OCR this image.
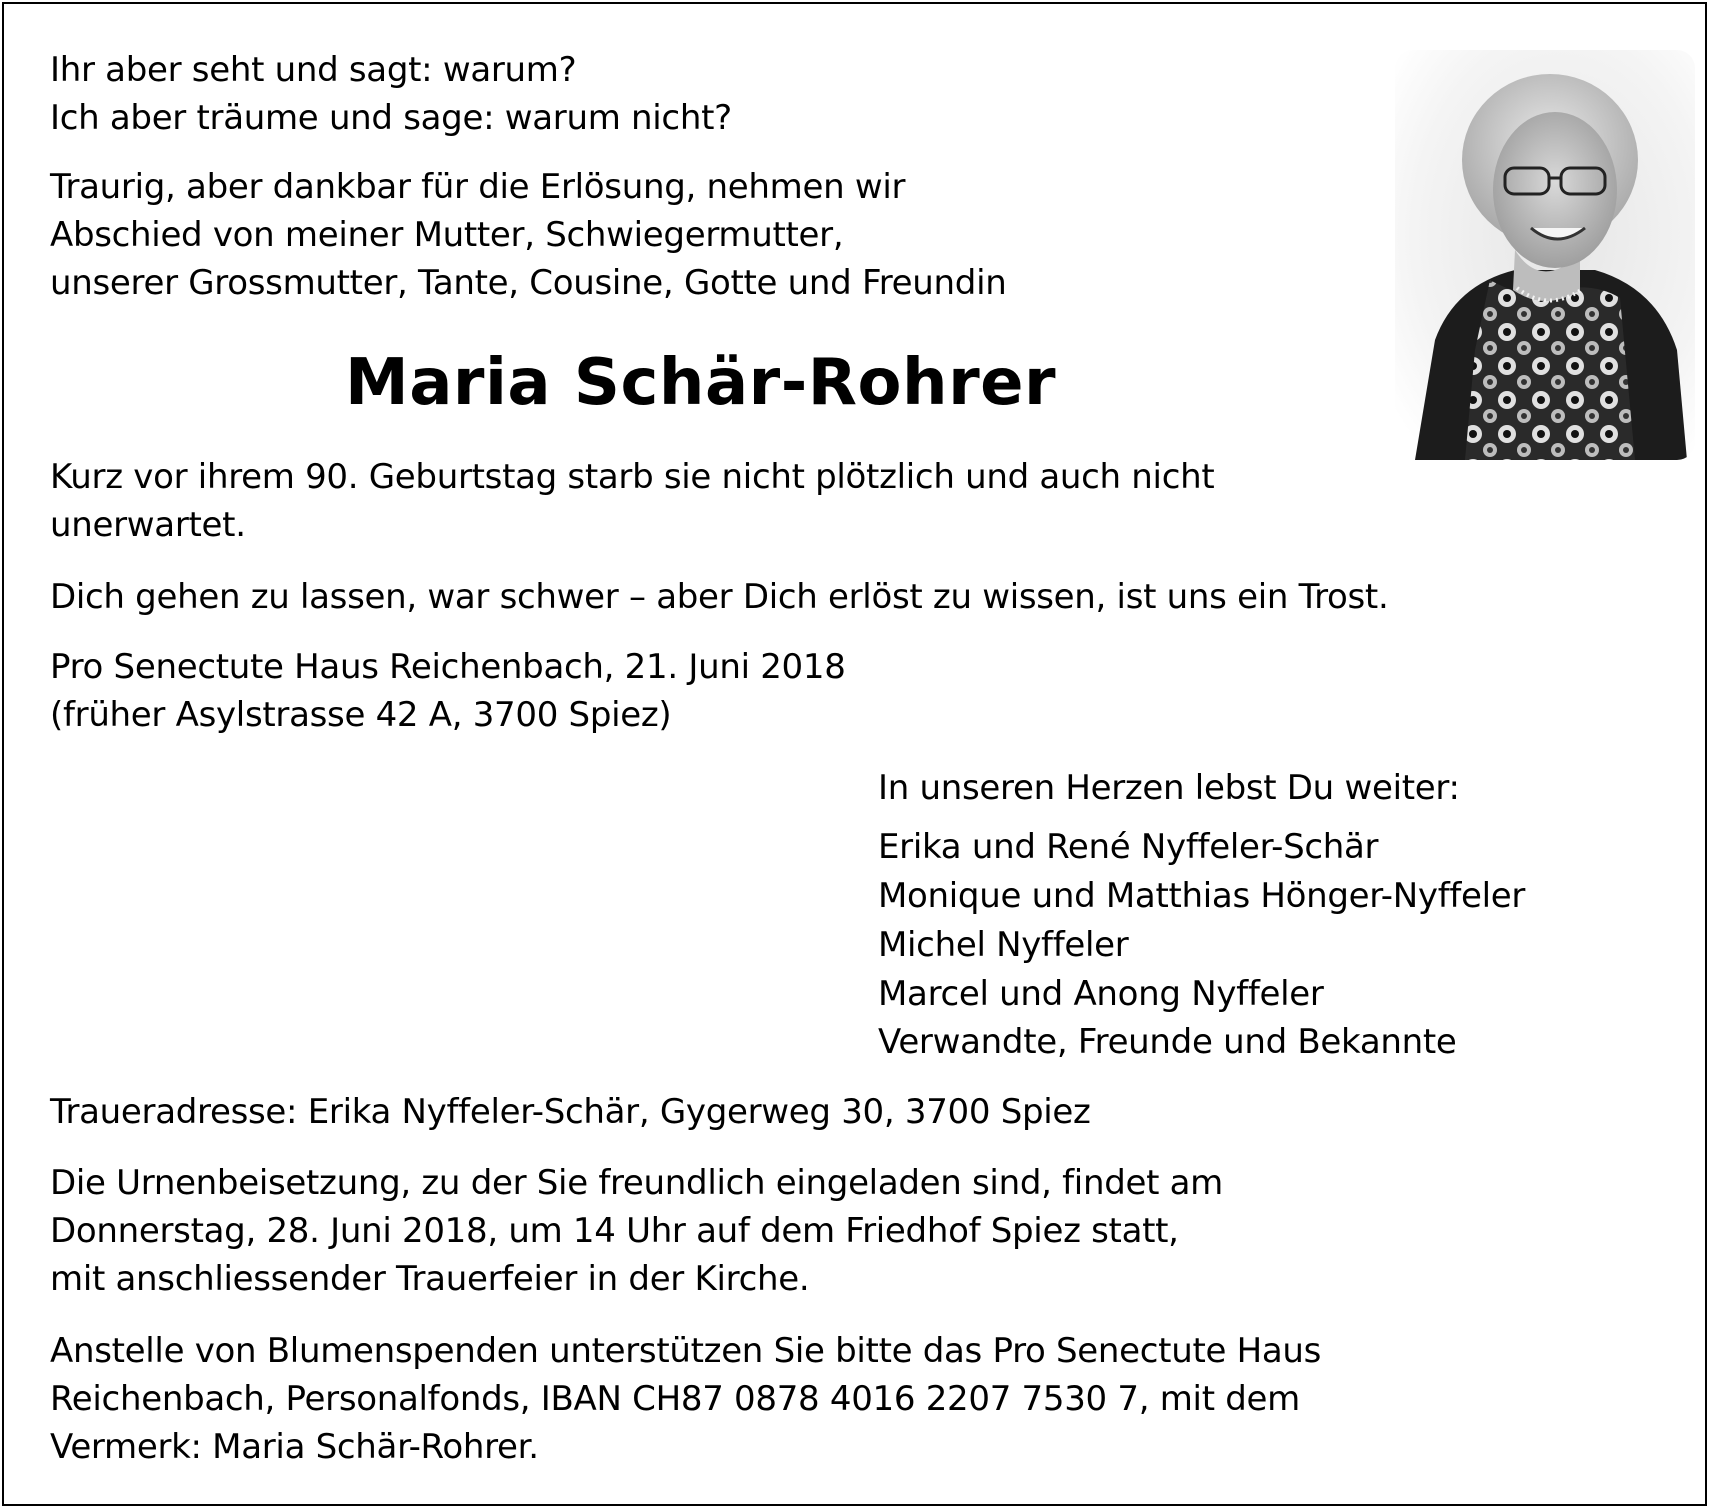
Ihr aber seht und sagt: warum?

Ich aber träume und sage: warum nicht?

Traurig, aber dankbar für die Erlösung, nehmen wir

Abschied von meiner Mutter, Schwiegermutter,

unserer Grossmutter, Tante, Cousine, Gotte und Freundin

Maria Schär-Rohrer

Kurz vor ihrem 90. Geburtstag starb sie nicht plötzlich und auch nicht

unerwartet.

Dich gehen zu lassen, war schwer – aber Dich erlöst zu wissen, ist uns ein Trost.

Pro Senectute Haus Reichenbach, 21. Juni 2018

(früher Asylstrasse 42 A, 3700 Spiez)

In unseren Herzen lebst Du weiter:

Erika und René Nyffeler-Schär

Monique und Matthias Hönger-Nyffeler

Michel Nyffeler

Marcel und Anong Nyffeler

Verwandte, Freunde und Bekannte

Traueradresse: Erika Nyffeler-Schär, Gygerweg 30, 3700 Spiez

Die Urnenbeisetzung, zu der Sie freundlich eingeladen sind, findet am

Donnerstag, 28. Juni 2018, um 14 Uhr auf dem Friedhof Spiez statt,

mit anschliessender Trauerfeier in der Kirche.

Anstelle von Blumenspenden unterstützen Sie bitte das Pro Senectute Haus

Reichenbach, Personalfonds, IBAN CH87 0878 4016 2207 7530 7, mit dem

Vermerk: Maria Schär-Rohrer.
